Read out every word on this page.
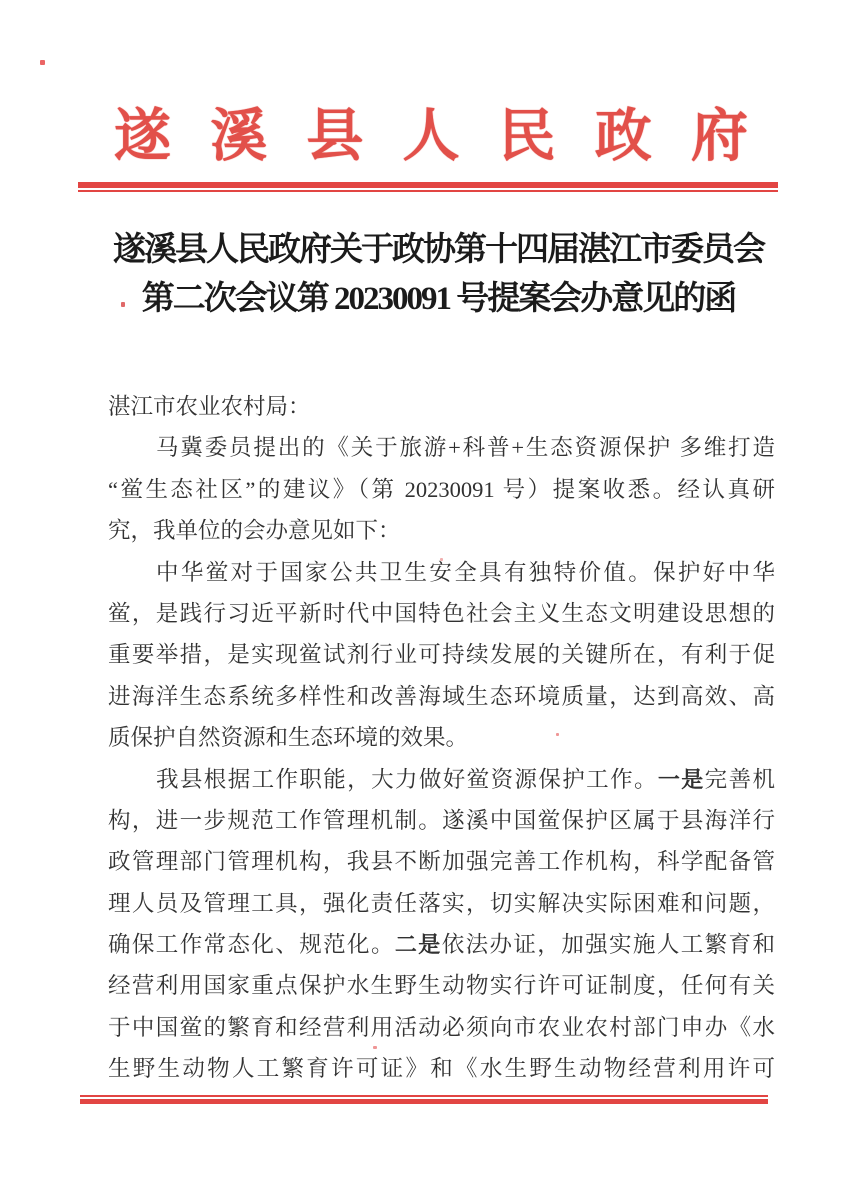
遂 溪 县 人 民 政 府
遂溪县人民政府关于政协第十四届湛江市委员会
第二次会议第 20230091 号提案会办意见的函
湛江市农业农村局：
马冀委员提出的《关于旅游+科普+生态资源保护 多维打造
“鲎生态社区”的建议》（第 20230091 号）提案收悉。经认真研
究，我单位的会办意见如下：
中华鲎对于国家公共卫生安全具有独特价值。保护好中华
鲎，是践行习近平新时代中国特色社会主义生态文明建设思想的
重要举措，是实现鲎试剂行业可持续发展的关键所在，有利于促
进海洋生态系统多样性和改善海域生态环境质量，达到高效、高
质保护自然资源和生态环境的效果。
我县根据工作职能，大力做好鲎资源保护工作。一是完善机
构，进一步规范工作管理机制。遂溪中国鲎保护区属于县海洋行
政管理部门管理机构，我县不断加强完善工作机构，科学配备管
理人员及管理工具，强化责任落实，切实解决实际困难和问题，
确保工作常态化、规范化。二是依法办证，加强实施人工繁育和
经营利用国家重点保护水生野生动物实行许可证制度，任何有关
于中国鲎的繁育和经营利用活动必须向市农业农村部门申办《水
生野生动物人工繁育许可证》和《水生野生动物经营利用许可
